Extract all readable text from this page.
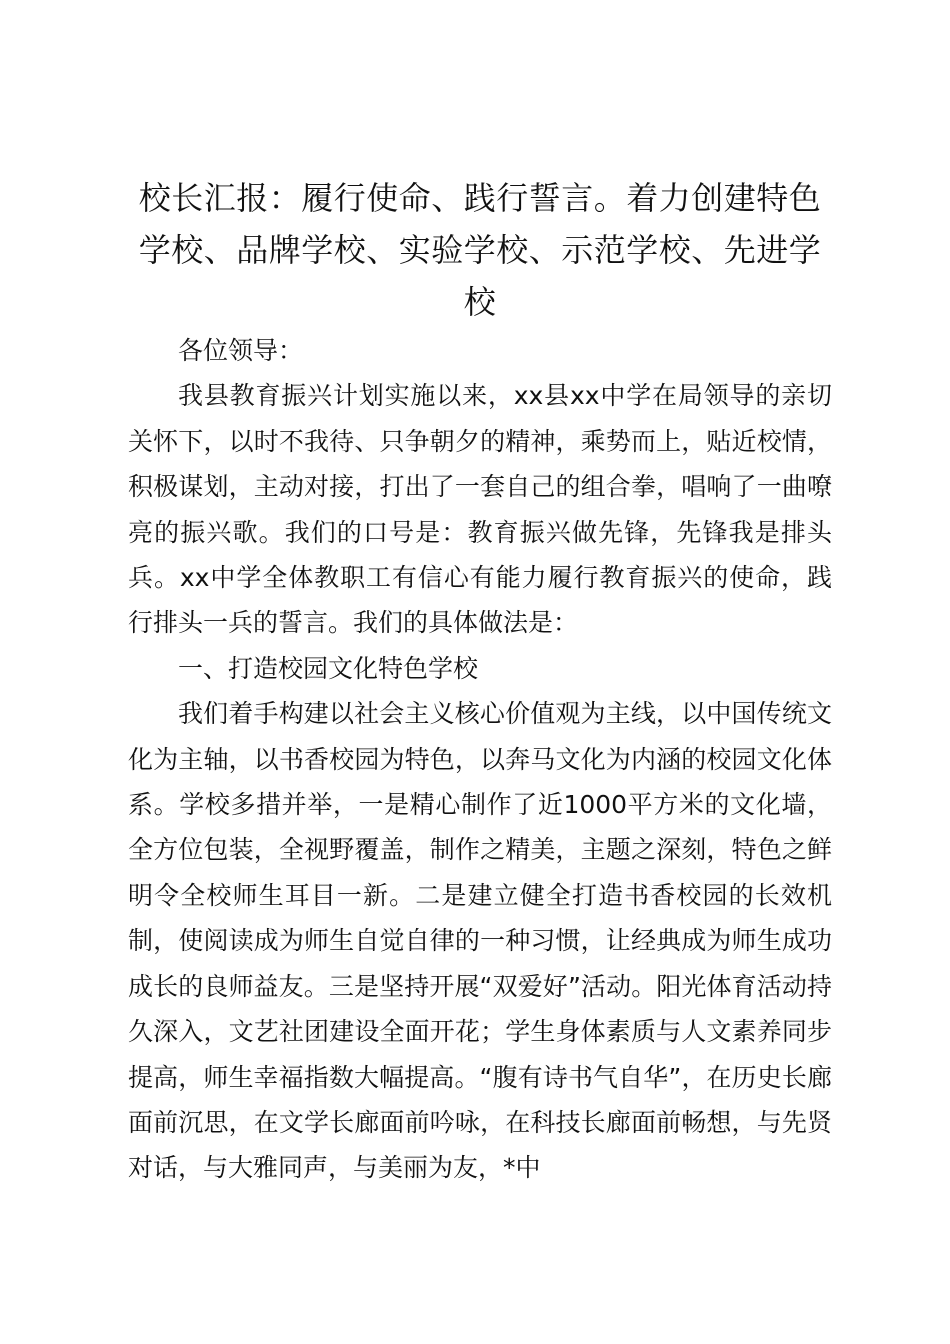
校长汇报：履行使命、践行誓言。着力创建特色学校、品牌学校、实验学校、示范学校、先进学校

各位领导：

我县教育振兴计划实施以来，xx县xx中学在局领导的亲切关怀下，以时不我待、只争朝夕的精神，乘势而上，贴近校情，积极谋划，主动对接，打出了一套自己的组合拳，唱响了一曲嘹亮的振兴歌。我们的口号是：教育振兴做先锋，先锋我是排头兵。xx中学全体教职工有信心有能力履行教育振兴的使命，践行排头一兵的誓言。我们的具体做法是：

一、打造校园文化特色学校

我们着手构建以社会主义核心价值观为主线，以中国传统文化为主轴，以书香校园为特色，以奔马文化为内涵的校园文化体系。学校多措并举，一是精心制作了近1000平方米的文化墙，全方位包装，全视野覆盖，制作之精美，主题之深刻，特色之鲜明令全校师生耳目一新。二是建立健全打造书香校园的长效机制，使阅读成为师生自觉自律的一种习惯，让经典成为师生成功成长的良师益友。三是坚持开展“双爱好”活动。阳光体育活动持久深入，文艺社团建设全面开花；学生身体素质与人文素养同步提高，师生幸福指数大幅提高。“腹有诗书气自华”，在历史长廊面前沉思，在文学长廊面前吟咏，在科技长廊面前畅想，与先贤对话，与大雅同声，与美丽为友，*中
